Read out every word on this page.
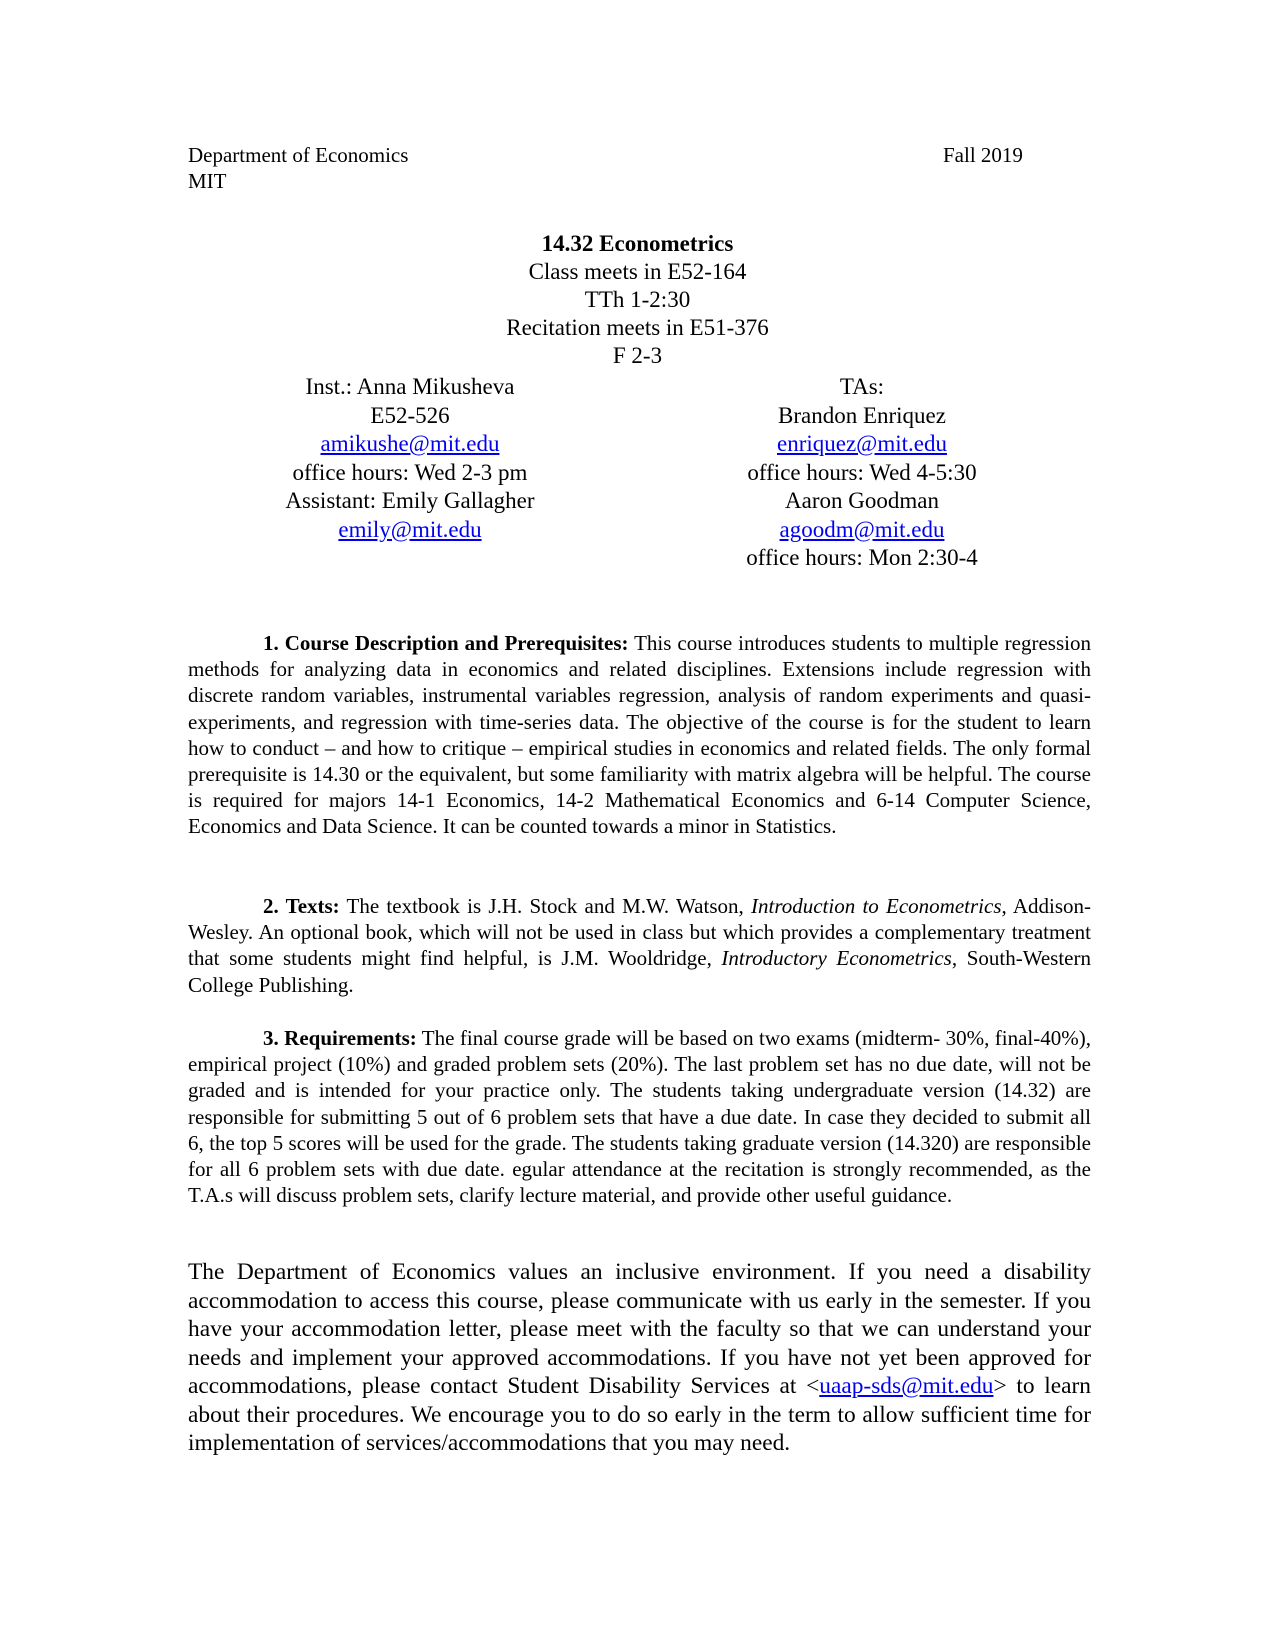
Department of Economics
MIT
Fall 2019
14.32 Econometrics
Class meets in E52-164
TTh 1-2:30
Recitation meets in E51-376
F 2-3
Inst.: Anna Mikusheva
E52-526
amikushe@mit.edu
office hours: Wed 2-3 pm
Assistant: Emily Gallagher
emily@mit.edu
TAs:
Brandon Enriquez
enriquez@mit.edu
office hours: Wed 4-5:30
Aaron Goodman
agoodm@mit.edu
office hours: Mon 2:30-4
1. Course Description and Prerequisites: This course introduces students to multiple regression methods for analyzing data in economics and related disciplines. Extensions include regression with discrete random variables, instrumental variables regression, analysis of random experiments and quasi-experiments, and regression with time-series data. The objective of the course is for the student to learn how to conduct – and how to critique – empirical studies in economics and related fields. The only formal prerequisite is 14.30 or the equivalent, but some familiarity with matrix algebra will be helpful. The course is required for majors 14-1 Economics, 14-2 Mathematical Economics and 6-14 Computer Science, Economics and Data Science. It can be counted towards a minor in Statistics.
2. Texts: The textbook is J.H. Stock and M.W. Watson, Introduction to Econometrics, Addison-Wesley. An optional book, which will not be used in class but which provides a complementary treatment that some students might find helpful, is J.M. Wooldridge, Introductory Econometrics, South-Western College Publishing.
3. Requirements: The final course grade will be based on two exams (midterm- 30%, final-40%), empirical project (10%) and graded problem sets (20%). The last problem set has no due date, will not be graded and is intended for your practice only. The students taking undergraduate version (14.32) are responsible for submitting 5 out of 6 problem sets that have a due date. In case they decided to submit all 6, the top 5 scores will be used for the grade. The students taking graduate version (14.320) are responsible for all 6 problem sets with due date. egular attendance at the recitation is strongly recommended, as the T.A.s will discuss problem sets, clarify lecture material, and provide other useful guidance.
The Department of Economics values an inclusive environment. If you need a disability accommodation to access this course, please communicate with us early in the semester. If you have your accommodation letter, please meet with the faculty so that we can understand your needs and implement your approved accommodations. If you have not yet been approved for accommodations, please contact Student Disability Services at <uaap-sds@mit.edu> to learn about their procedures. We encourage you to do so early in the term to allow sufficient time for implementation of services/accommodations that you may need.
